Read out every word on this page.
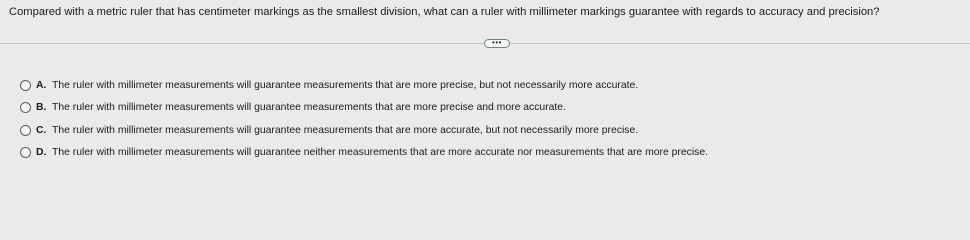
Compared with a metric ruler that has centimeter markings as the smallest division, what can a ruler with millimeter markings guarantee with regards to accuracy and precision?
•••
A. The ruler with millimeter measurements will guarantee measurements that are more precise, but not necessarily more accurate.
B. The ruler with millimeter measurements will guarantee measurements that are more precise and more accurate.
C. The ruler with millimeter measurements will guarantee measurements that are more accurate, but not necessarily more precise.
D. The ruler with millimeter measurements will guarantee neither measurements that are more accurate nor measurements that are more precise.
